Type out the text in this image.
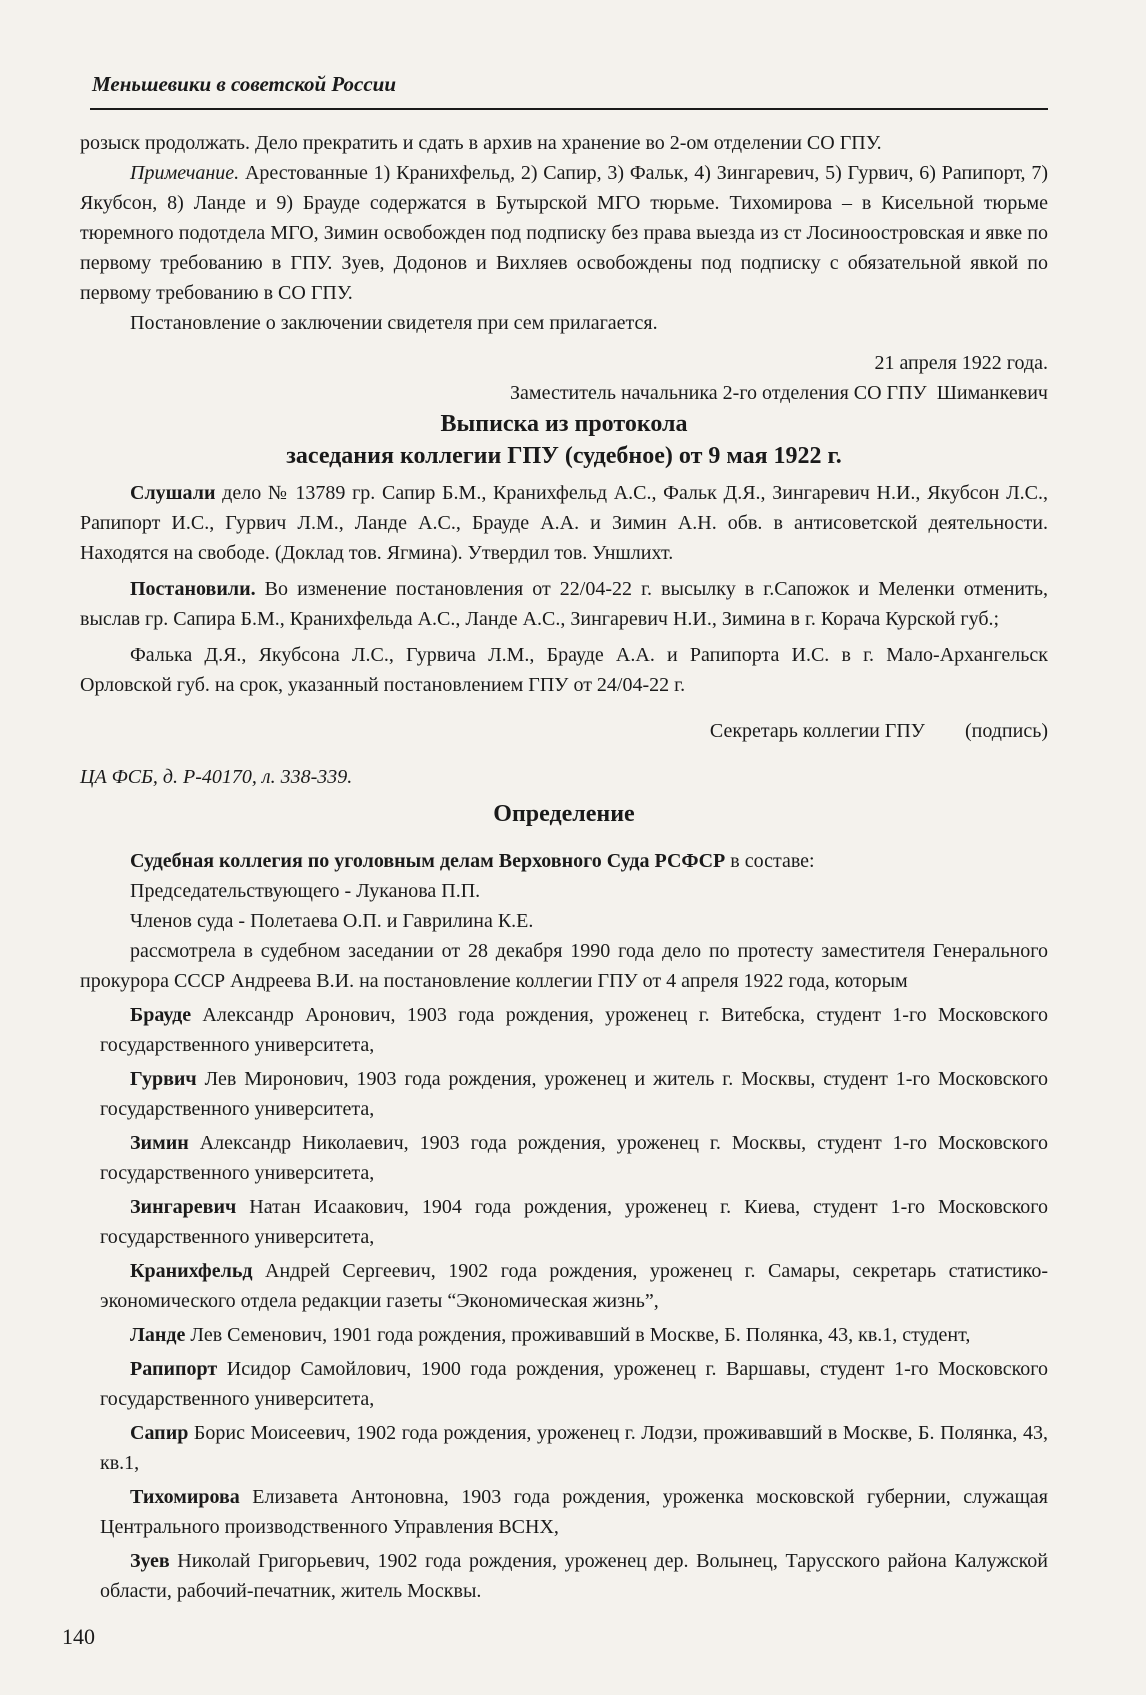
Меньшевики в советской России

розыск продолжать. Дело прекратить и сдать в архив на хранение во 2-ом отделении СО ГПУ.

Примечание. Арестованные 1) Кранихфельд, 2) Сапир, 3) Фальк, 4) Зингаревич, 5) Гурвич, 6) Рапипорт, 7) Якубсон, 8) Ланде и 9) Брауде содержатся в Бутырской МГО тюрьме. Тихомирова – в Кисельной тюрьме тюремного подотдела МГО, Зимин освобожден под подписку без права выезда из ст Лосиноостровская и явке по первому требованию в ГПУ. Зуев, Додонов и Вихляев освобождены под подписку с обязательной явкой по первому требованию в СО ГПУ.

Постановление о заключении свидетеля при сем прилагается.

21 апреля 1922 года.

Заместитель начальника 2-го отделения СО ГПУ  Шиманкевич

Выписка из протокола

заседания коллегии ГПУ (судебное) от 9 мая 1922 г.

Слушали дело № 13789 гр. Сапир Б.М., Кранихфельд А.С., Фальк Д.Я., Зингаревич Н.И., Якубсон Л.С., Рапипорт И.С., Гурвич Л.М., Ланде А.С., Брауде А.А. и Зимин А.Н. обв. в антисоветской деятельности. Находятся на свободе. (Доклад тов. Ягмина). Утвердил тов. Уншлихт.

Постановили. Во изменение постановления от 22/04-22 г. высылку в г.Сапожок и Меленки отменить, выслав гр. Сапира Б.М., Кранихфельда А.С., Ланде А.С., Зингаревич Н.И., Зимина в г. Корача Курской губ.;

Фалька Д.Я., Якубсона Л.С., Гурвича Л.М., Брауде А.А. и Рапипорта И.С. в г. Мало-Архангельск Орловской губ. на срок, указанный постановлением ГПУ от 24/04-22 г.

Секретарь коллегии ГПУ (подпись)

ЦА ФСБ, д. Р-40170, л. 338-339.

Определение

Судебная коллегия по уголовным делам Верховного Суда РСФСР в составе:

Председательствующего - Луканова П.П.

Членов суда - Полетаева О.П. и Гаврилина К.Е.

рассмотрела в судебном заседании от 28 декабря 1990 года дело по протесту заместителя Генерального прокурора СССР Андреева В.И. на постановление коллегии ГПУ от 4 апреля 1922 года, которым

Брауде Александр Аронович, 1903 года рождения, уроженец г. Витебска, студент 1-го Московского государственного университета,

Гурвич Лев Миронович, 1903 года рождения, уроженец и житель г. Москвы, студент 1-го Московского государственного университета,

Зимин Александр Николаевич, 1903 года рождения, уроженец г. Москвы, студент 1-го Московского государственного университета,

Зингаревич Натан Исаакович, 1904 года рождения, уроженец г. Киева, студент 1-го Московского государственного университета,

Кранихфельд Андрей Сергеевич, 1902 года рождения, уроженец г. Самары, секретарь статистико-экономического отдела редакции газеты “Экономическая жизнь”,

Ланде Лев Семенович, 1901 года рождения, проживавший в Москве, Б. Полянка, 43, кв.1, студент,

Рапипорт Исидор Самойлович, 1900 года рождения, уроженец г. Варшавы, студент 1-го Московского государственного университета,

Сапир Борис Моисеевич, 1902 года рождения, уроженец г. Лодзи, проживавший в Москве, Б. Полянка, 43, кв.1,

Тихомирова Елизавета Антоновна, 1903 года рождения, уроженка московской губернии, служащая Центрального производственного Управления ВСНХ,

Зуев Николай Григорьевич, 1902 года рождения, уроженец дер. Волынец, Тарусского района Калужской области, рабочий-печатник, житель Москвы.

140
